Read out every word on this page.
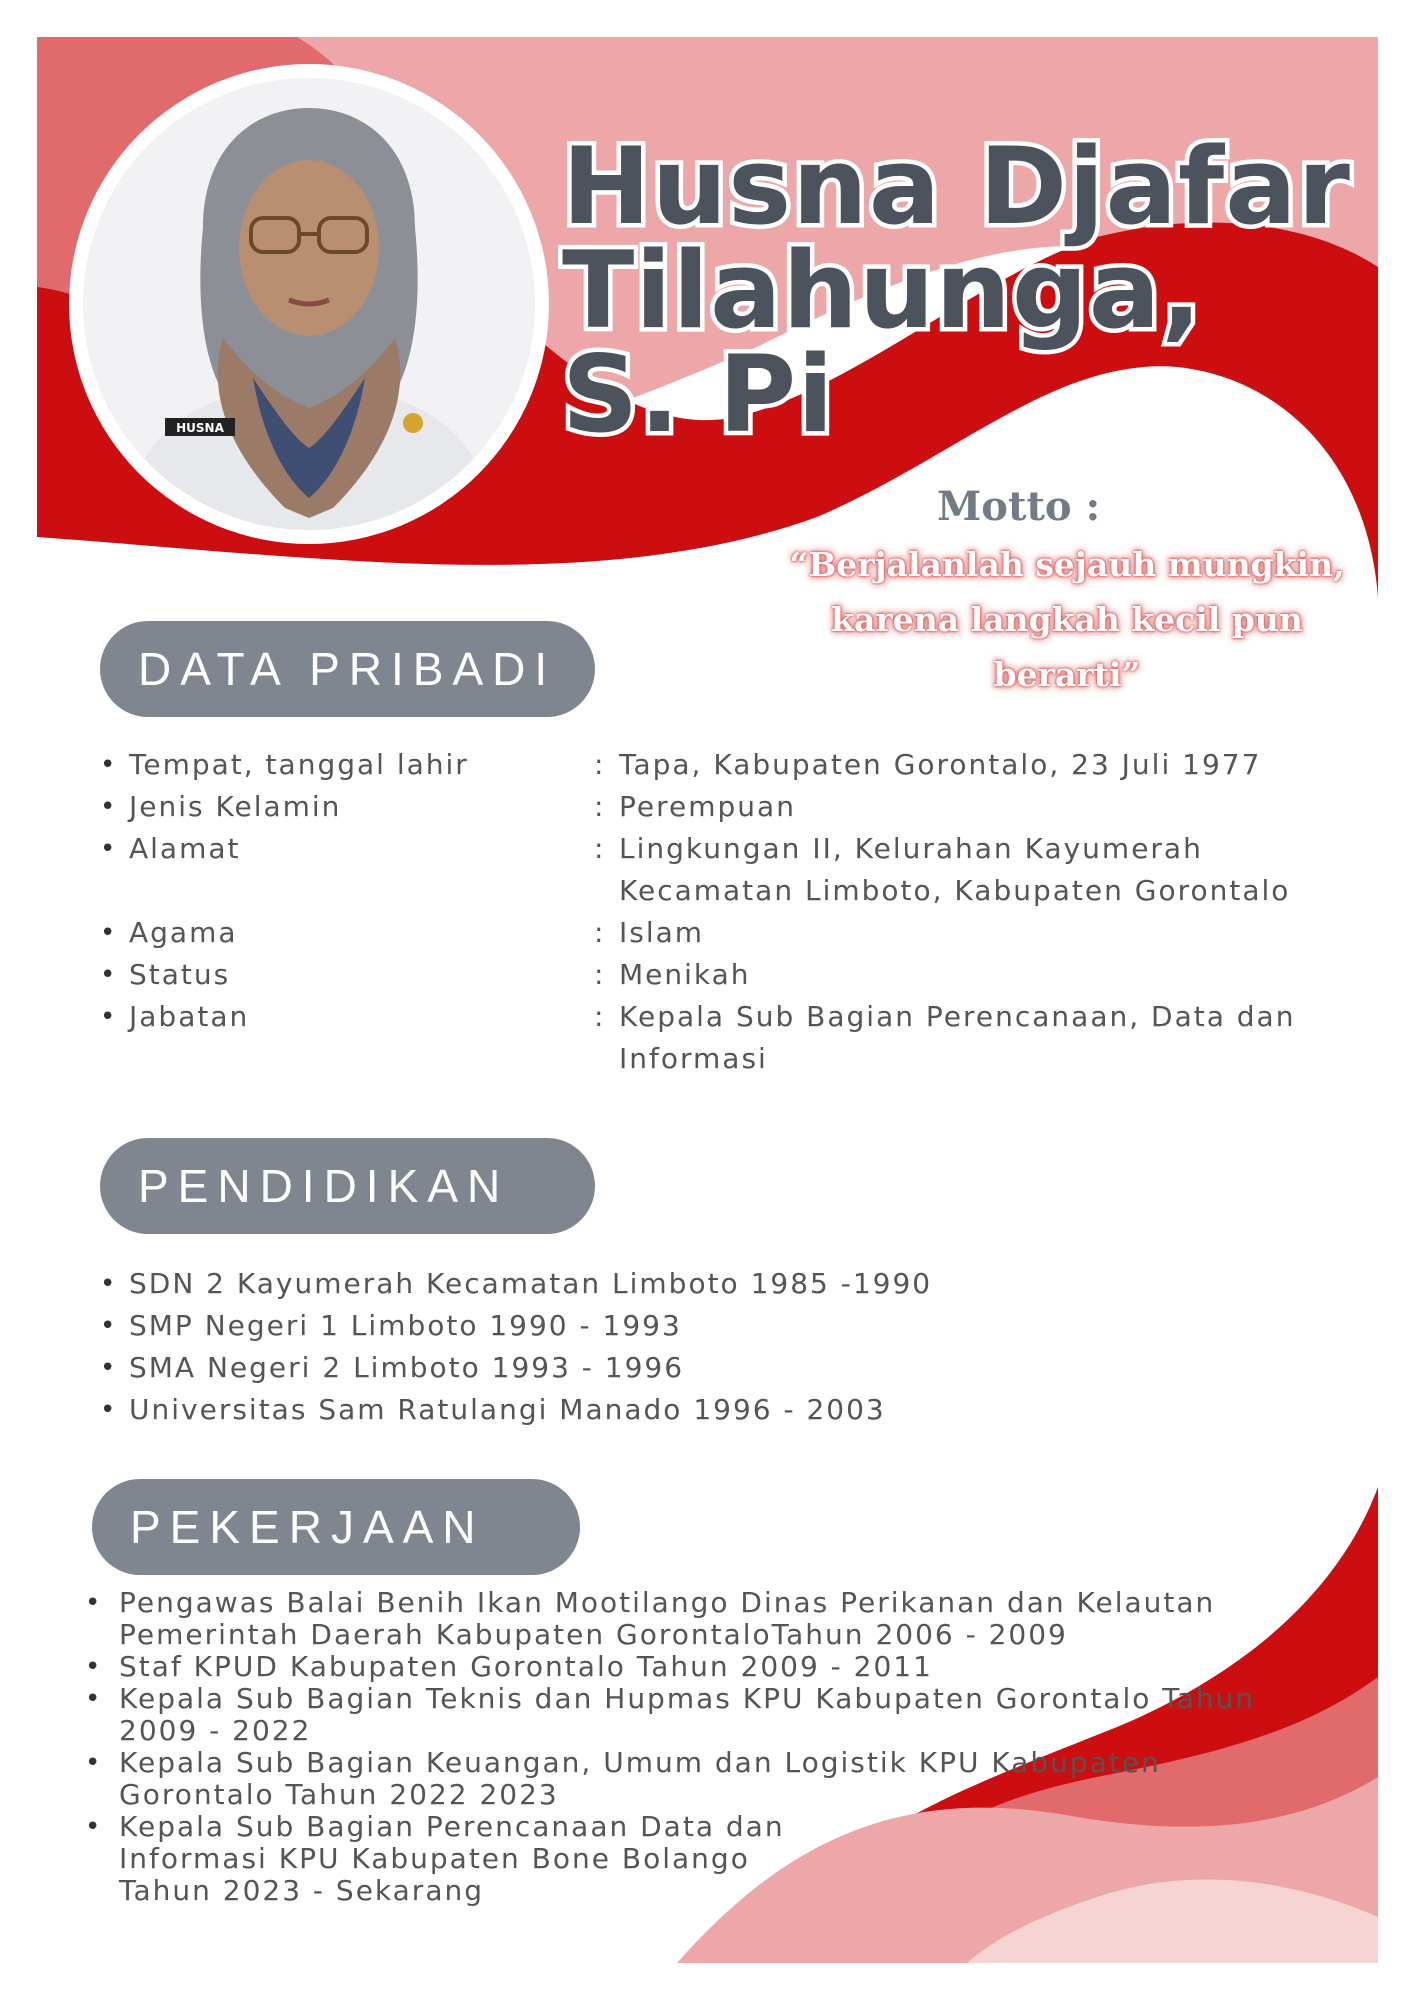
HUSNA
Husna Djafar
Tilahunga,
S. Pi
Motto :
“Berjalanlah sejauh mungkin, karena langkah kecil pun berarti”
DATA PRIBADI
• Tempat, tanggal lahir	: Tapa, Kabupaten Gorontalo, 23 Juli 1977
• Jenis Kelamin	: Perempuan
• Alamat	: Lingkungan II, Kelurahan Kayumerah Kecamatan Limboto, Kabupaten Gorontalo
• Agama	: Islam
• Status	: Menikah
• Jabatan	: Kepala Sub Bagian Perencanaan, Data dan Informasi
PENDIDIKAN
• SDN 2 Kayumerah Kecamatan Limboto 1985 -1990
• SMP Negeri 1 Limboto 1990 - 1993
• SMA Negeri 2 Limboto 1993 - 1996
• Universitas Sam Ratulangi Manado 1996 - 2003
PEKERJAAN
• Pengawas Balai Benih Ikan Mootilango Dinas Perikanan dan Kelautan Pemerintah Daerah Kabupaten GorontaloTahun 2006 - 2009
• Staf KPUD Kabupaten Gorontalo Tahun 2009 - 2011
• Kepala Sub Bagian Teknis dan Hupmas KPU Kabupaten Gorontalo Tahun 2009 - 2022
• Kepala Sub Bagian Keuangan, Umum dan Logistik KPU Kabupaten Gorontalo Tahun 2022 2023
• Kepala Sub Bagian Perencanaan Data dan Informasi KPU Kabupaten Bone Bolango Tahun 2023 - Sekarang
